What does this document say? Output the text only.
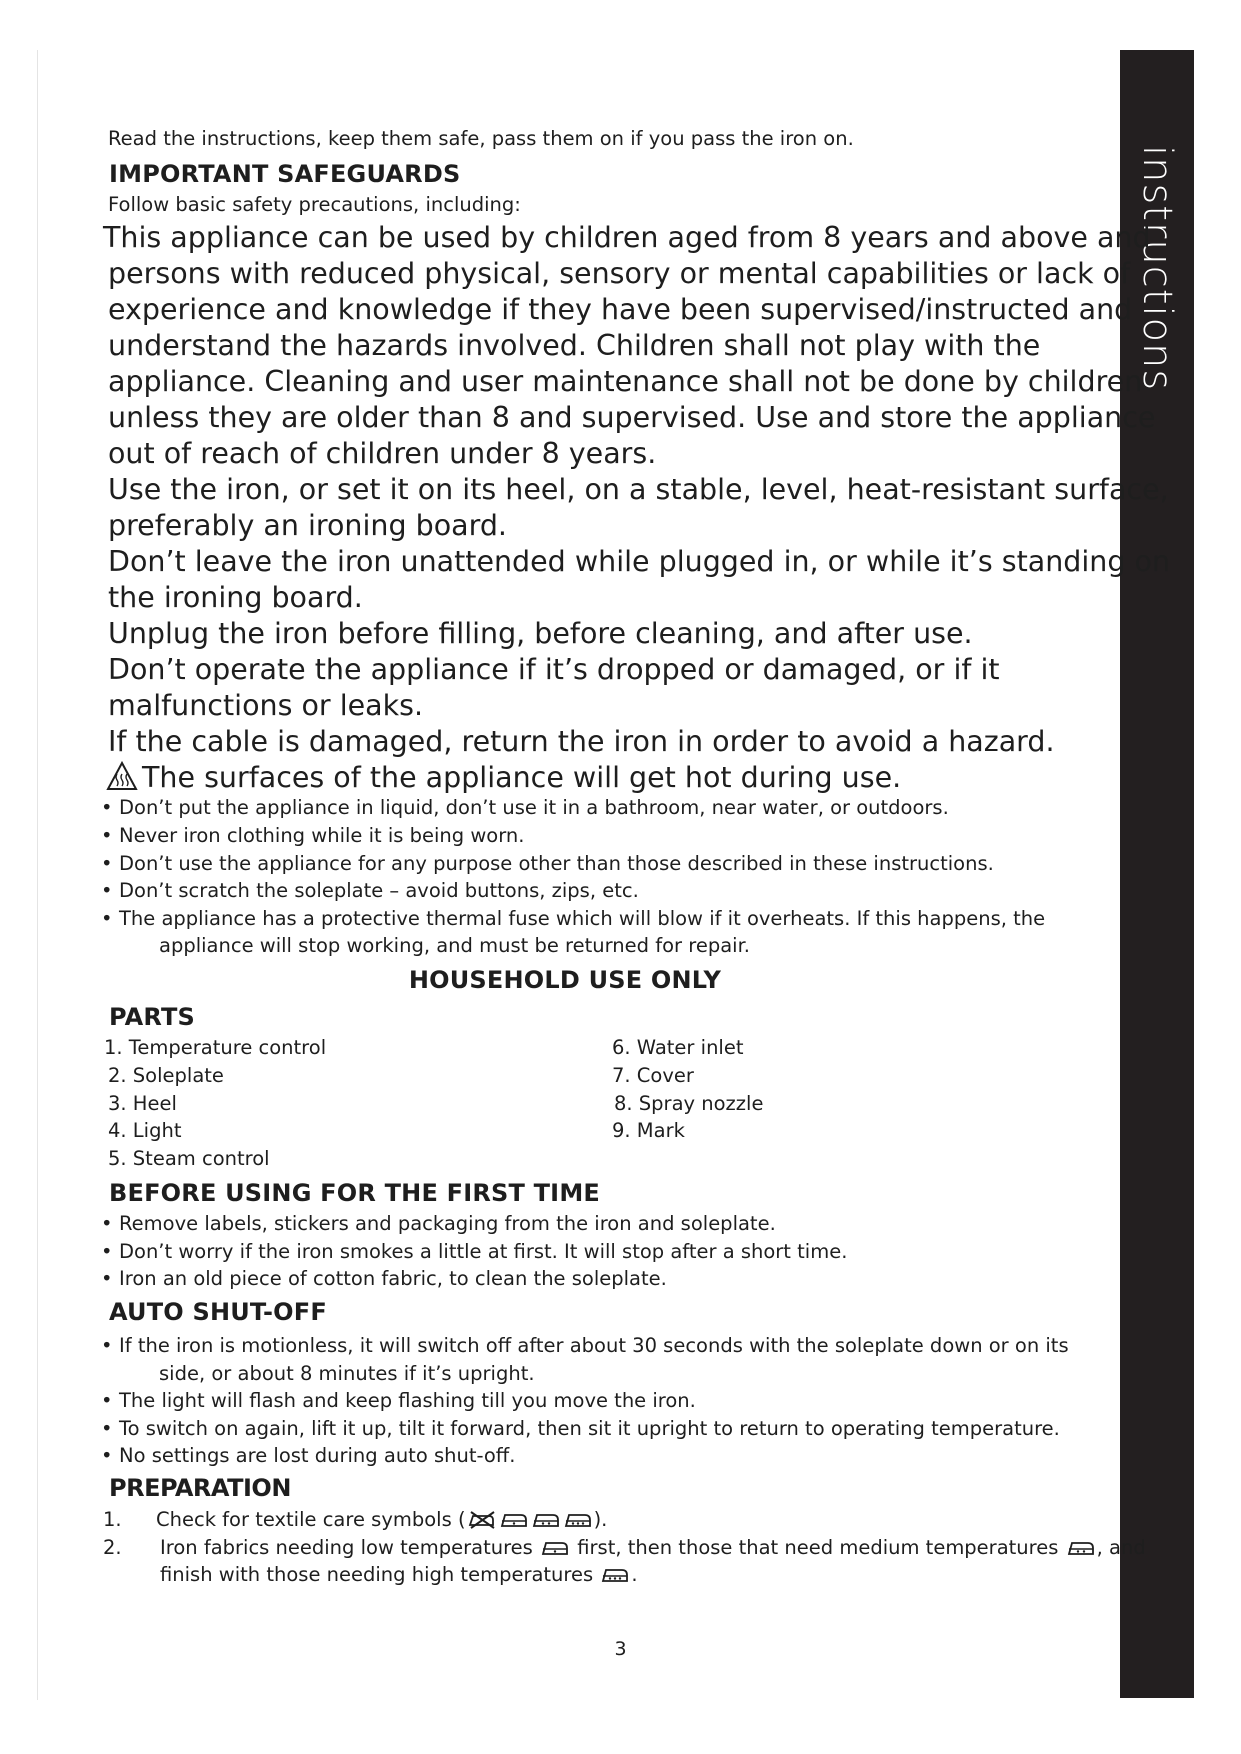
instructions
Read the instructions, keep them safe, pass them on if you pass the iron on.
IMPORTANT SAFEGUARDS
Follow basic safety precautions, including:
This appliance can be used by children aged from 8 years and above and
persons with reduced physical, sensory or mental capabilities or lack of
experience and knowledge if they have been supervised/instructed and
understand the hazards involved. Children shall not play with the
appliance. Cleaning and user maintenance shall not be done by children
unless they are older than 8 and supervised. Use and store the appliance
out of reach of children under 8 years.
Use the iron, or set it on its heel, on a stable, level, heat-resistant surface,
preferably an ironing board.
Don’t leave the iron unattended while plugged in, or while it’s standing on
the ironing board.
Unplug the iron before filling, before cleaning, and after use.
Don’t operate the appliance if it’s dropped or damaged, or if it
malfunctions or leaks.
If the cable is damaged, return the iron in order to avoid a hazard.
The surfaces of the appliance will get hot during use.
• Don’t put the appliance in liquid, don’t use it in a bathroom, near water, or outdoors.
• Never iron clothing while it is being worn.
• Don’t use the appliance for any purpose other than those described in these instructions.
• Don’t scratch the soleplate – avoid buttons, zips, etc.
• The appliance has a protective thermal fuse which will blow if it overheats. If this happens, the
appliance will stop working, and must be returned for repair.
HOUSEHOLD USE ONLY
PARTS
1. Temperature control
2. Soleplate
3. Heel
4. Light
5. Steam control
6. Water inlet
7. Cover
8. Spray nozzle
9. Mark
BEFORE USING FOR THE FIRST TIME
• Remove labels, stickers and packaging from the iron and soleplate.
• Don’t worry if the iron smokes a little at first. It will stop after a short time.
• Iron an old piece of cotton fabric, to clean the soleplate.
AUTO SHUT-OFF
• If the iron is motionless, it will switch off after about 30 seconds with the soleplate down or on its
side, or about 8 minutes if it’s upright.
• The light will flash and keep flashing till you move the iron.
• To switch on again, lift it up, tilt it forward, then sit it upright to return to operating temperature.
• No settings are lost during auto shut-off.
PREPARATION
1. Check for textile care symbols (	).
2. Iron fabrics needing low temperatures first, then those that need medium temperatures , and
finish with those needing high temperatures .
3
